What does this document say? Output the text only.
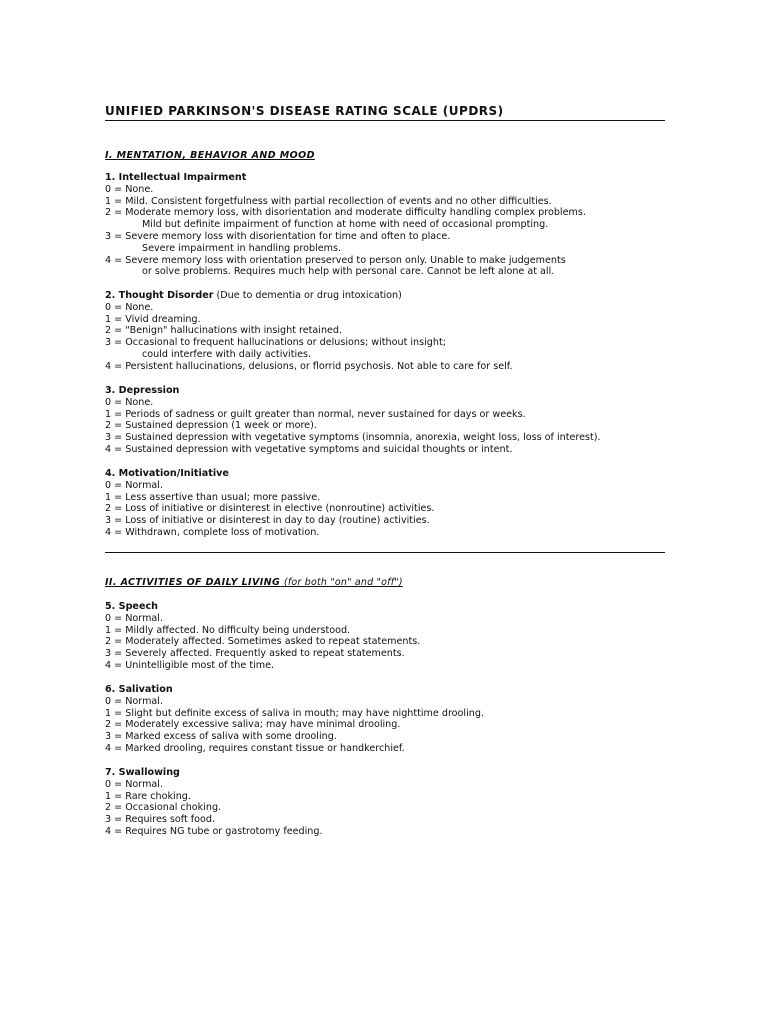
UNIFIED PARKINSON'S DISEASE RATING SCALE (UPDRS)
I. MENTATION, BEHAVIOR AND MOOD
1. Intellectual Impairment
0 = None.
1 = Mild. Consistent forgetfulness with partial recollection of events and no other difficulties.
2 = Moderate memory loss, with disorientation and moderate difficulty handling complex problems.
Mild but definite impairment of function at home with need of occasional prompting.
3 = Severe memory loss with disorientation for time and often to place.
Severe impairment in handling problems.
4 = Severe memory loss with orientation preserved to person only. Unable to make judgements
or solve problems. Requires much help with personal care. Cannot be left alone at all.
2. Thought Disorder (Due to dementia or drug intoxication)
0 = None.
1 = Vivid dreaming.
2 = "Benign" hallucinations with insight retained.
3 = Occasional to frequent hallucinations or delusions; without insight;
could interfere with daily activities.
4 = Persistent hallucinations, delusions, or florrid psychosis. Not able to care for self.
3. Depression
0 = None.
1 = Periods of sadness or guilt greater than normal, never sustained for days or weeks.
2 = Sustained depression (1 week or more).
3 = Sustained depression with vegetative symptoms (insomnia, anorexia, weight loss, loss of interest).
4 = Sustained depression with vegetative symptoms and suicidal thoughts or intent.
4. Motivation/Initiative
0 = Normal.
1 = Less assertive than usual; more passive.
2 = Loss of initiative or disinterest in elective (nonroutine) activities.
3 = Loss of initiative or disinterest in day to day (routine) activities.
4 = Withdrawn, complete loss of motivation.
II. ACTIVITIES OF DAILY LIVING (for both "on" and "off")
5. Speech
0 = Normal.
1 = Mildly affected. No difficulty being understood.
2 = Moderately affected. Sometimes asked to repeat statements.
3 = Severely affected. Frequently asked to repeat statements.
4 = Unintelligible most of the time.
6. Salivation
0 = Normal.
1 = Slight but definite excess of saliva in mouth; may have nighttime drooling.
2 = Moderately excessive saliva; may have minimal drooling.
3 = Marked excess of saliva with some drooling.
4 = Marked drooling, requires constant tissue or handkerchief.
7. Swallowing
0 = Normal.
1 = Rare choking.
2 = Occasional choking.
3 = Requires soft food.
4 = Requires NG tube or gastrotomy feeding.
